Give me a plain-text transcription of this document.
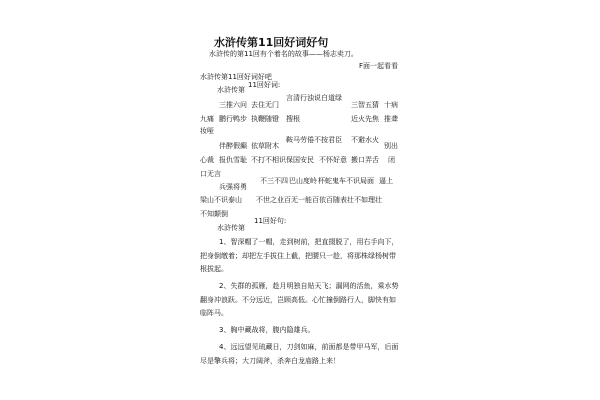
水浒传第11回好词好句
水浒传的第11回有个着名的故事——杨志卖刀。
F面一起看看
水浒传第11回好词好吧
水浒传第
11回好词:
言清行浊说白道绿
三推六问 去住无门	三智五猜 十病
九痛 鹏行鸭步 执鞭随镫 搜根	近火先焦 推聋
妆哑
鞍马劳倦不按君臣
伴醉假癫 依草附木
不避水火
别出
心裁 报仇雪耻 不打不相识 保国安民 不怀好意 搬口弄舌 闭
口无言
不三不四 巴山度岭 杯蛇鬼车 不识局面 逼上
兵强将勇
梁山不识泰山 不世之业百无一能百依百随表壮不如理壮
不知颠倒
水浒传第
11回好句:
1、智深帽了一帽，走到树前，把直掇脱了，用右手向下，
把身倒缴着；却把左手拔住上截，把腰只一趁，将那株绿杨树带
根拔起。
2、失群的孤雁，趁月明独自贴天飞；漏网的活鱼，乘水势
翻身冲浪跃。不分远近，岂顾高低。心忙撞倒路行人，脚快有如
临阵马。
3、胸中藏战将，腹内隐雄兵。
4、远远望见琉藏日，刀剑如麻，前面都是带甲马军，后面
尽是擎兵将；大刀阔斧，杀奔白龙庙路上来！
